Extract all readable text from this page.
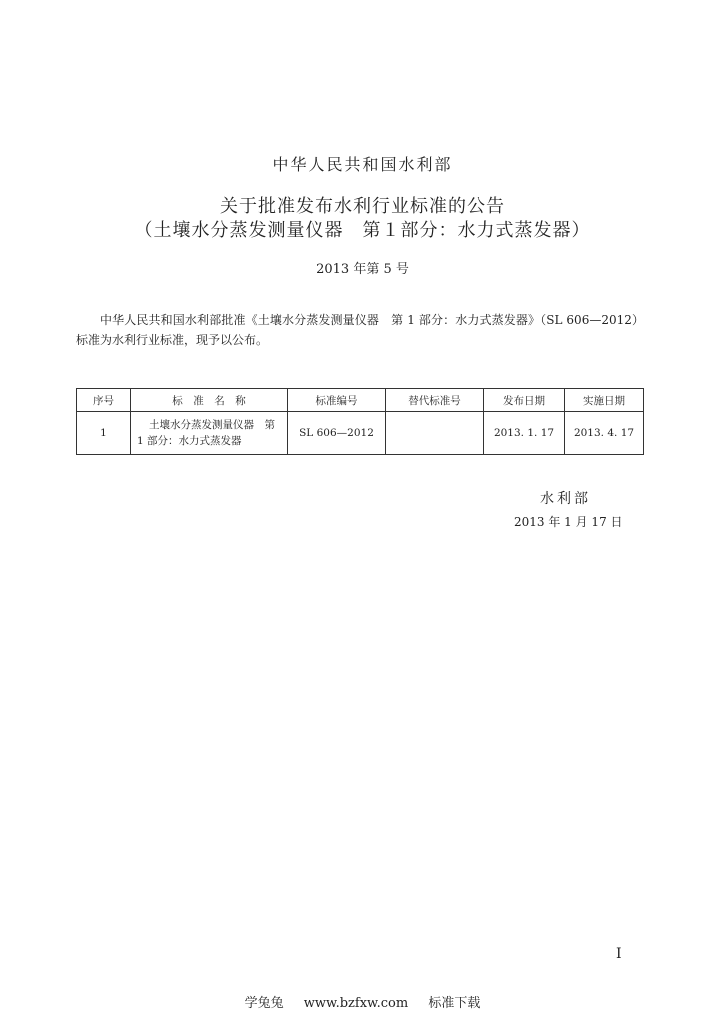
中华人民共和国水利部
关于批准发布水利行业标准的公告
（土壤水分蒸发测量仪器　第１部分：水力式蒸发器）
2013 年第 5 号
中华人民共和国水利部批准《土壤水分蒸发测量仪器　第 1 部分：水力式蒸发器》（SL 606—2012）标准为水利行业标准，现予以公布。
序号	标　准　名　称	标准编号	替代标准号	发布日期	实施日期
1	土壤水分蒸发测量仪器　第 1 部分：水力式蒸发器	SL 606—2012		2013. 1. 17	2013. 4. 17
水利部
2013 年 1 月 17 日
I
学兔兔 www.bzfxw.com 标准下载
